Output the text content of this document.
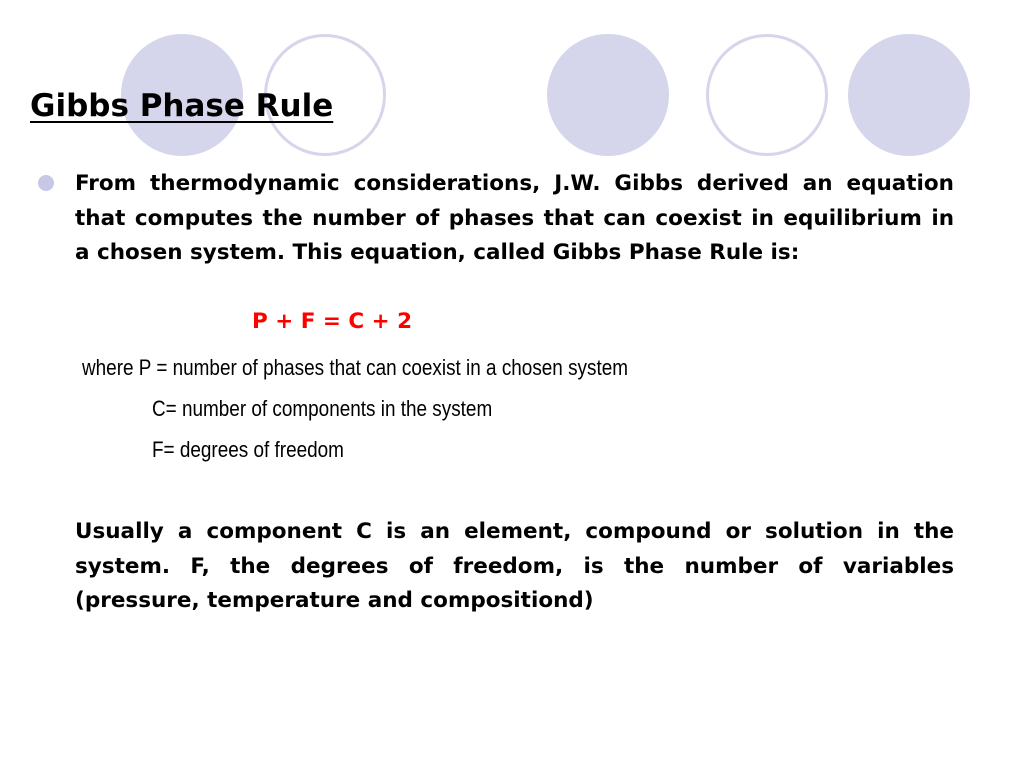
Gibbs Phase Rule

From thermodynamic considerations, J.W. Gibbs derived an equation that computes the number of phases that can coexist in equilibrium in a chosen system. This equation, called Gibbs Phase Rule is:

P + F = C + 2

where P = number of phases that can coexist in a chosen system

C= number of components in the system

F= degrees of freedom

Usually a component C is an element, compound or solution in the system. F, the degrees of freedom, is the number of variables (pressure, temperature and compositiond)
